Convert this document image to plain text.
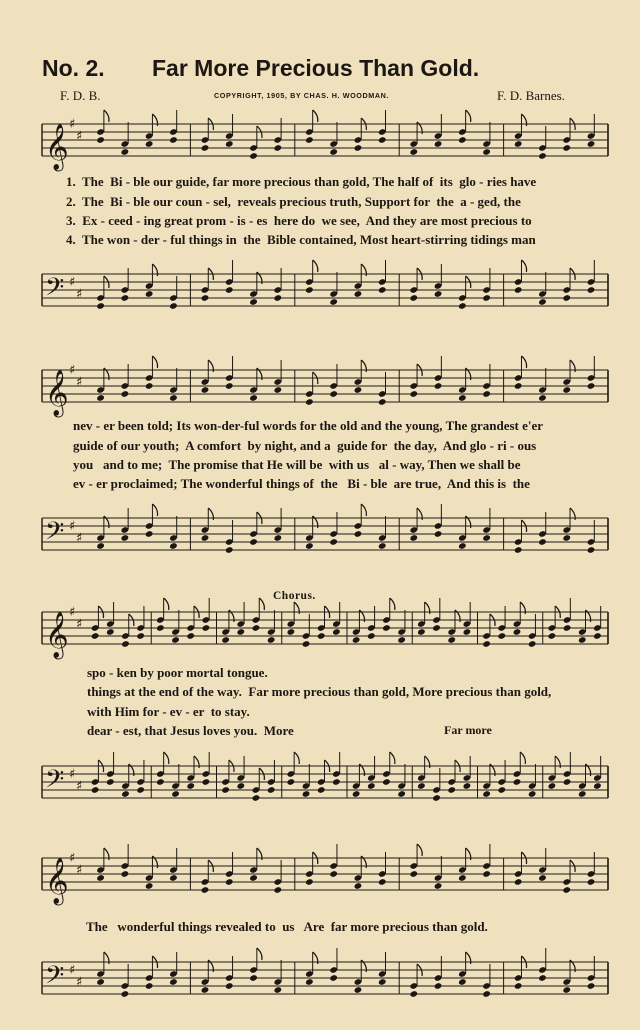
No. 2. Far More Precious Than Gold.
F. D. B.	COPYRIGHT, 1905, BY CHAS. H. WOODMAN.	F. D. Barnes.
𝄞 ♯
♯
1.  The  Bi - ble our guide, far more precious than gold, The half of  its  glo - ries have
2.  The  Bi - ble our coun - sel,  reveals precious truth, Support for  the  a - ged, the
3.  Ex - ceed - ing great prom - is - es  here do  we see,  And they are most precious to
4.  The won - der - ful things in  the  Bible contained, Most heart-stirring tidings man
𝄢 ♯
♯
𝄞 ♯
♯
nev - er been told; Its won-der-ful words for the old and the young, The grandest e'er
guide of our youth;  A comfort  by night, and a  guide for  the day,  And glo - ri - ous
you   and to me;  The promise that He will be  with us   al - way, Then we shall be
ev - er proclaimed; The wonderful things of  the   Bi - ble  are true,  And this is  the
𝄢 ♯
♯
Chorus.
𝄞 ♯
♯
spo - ken by poor mortal tongue.
things at the end of the way.  Far more precious than gold, More precious than gold,
with Him for - ev - er  to stay.
dear - est, that Jesus loves you.  More	Far more
𝄢 ♯
♯
𝄞 ♯
♯
The   wonderful things revealed to  us   Are  far more precious than gold.
𝄢 ♯
♯
